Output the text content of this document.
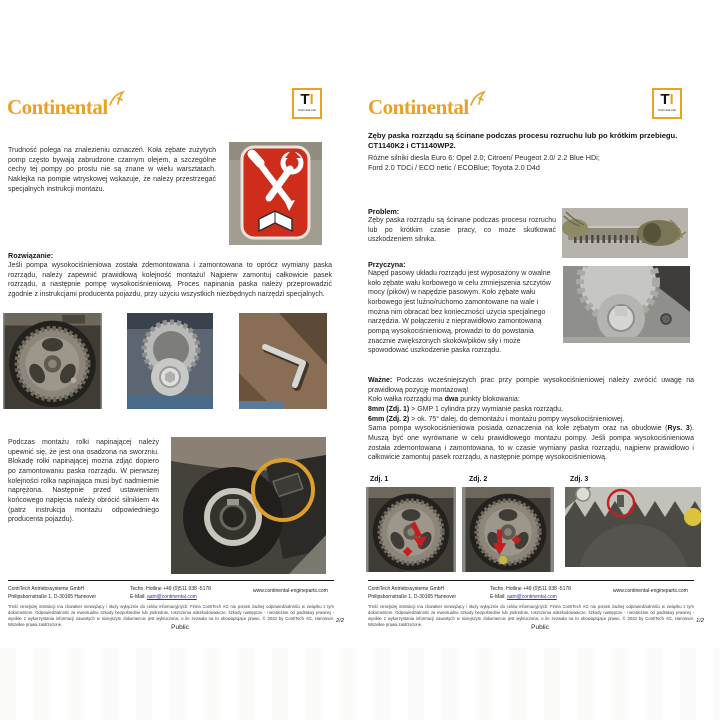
Continental	TI
Technical Info

Trudność polega na znalezieniu oznaczeń. Koła zębate zużytych pomp często bywają zabrudzone czarnym olejem, a szczególne cechy tej pompy po prostu nie są znane w wielu warsztatach. Naklejka na pompie wtryskowej wskazuje, że należy przestrzegać specjalnych instrukcji montażu.

Rozwiązanie:

Jeśli pompa wysokociśnieniowa została zdemontowana i zamontowana to oprócz wymiany paska rozrządu, należy zapewnić prawidłową kolejność montażu! Najpierw zamontuj całkowicie pasek rozrządu, a następnie pompę wysokociśnieniową. Proces napinania paska należy przeprowadzić zgodnie z instrukcjami producenta pojazdu, przy użyciu wszystkich niezbędnych narzędzi specjalnych.

Podczas montażu rolki napinającej należy upewnić się, że jest ona osadzona na sworzniu. Blokadę rolki napinającej można zdjąć dopiero po zamontowaniu paska rozrządu. W pierwszej kolejności rolka napinająca musi być nadmiernie naprężona. Następnie przed ustawieniem końcowego napięcia należy obrócić silnikiem 4x (patrz instrukcja montażu odpowiedniego producenta pojazdu).

ContiTech Antriebssysteme GmbH
Philipsbornstraße 1, D-30165 Hannover
Techn. Hotline +49 (0)511 938 -5178
E-Mail: aam@continental.com
www.continental-engineparts.com

Treść niniejszej instrukcji ma charakter niewiążący i służy wyłącznie do celów informacyjnych. Firma ContiTech AG nie ponosi żadnej odpowiedzialności w związku z tym dokumentem. Odpowiedzialność za ewentualne szkody bezpośrednie lub pośrednie, roszczenia odszkodowawcze, szkody następcze - niezależnie od podstawy prawnej - wynikłe z wykorzystania informacji zawartych w niniejszym dokumencie jest wykluczona, o ile zezwala na to obowiązujące prawo. © 2022 by ContiTech AG, Hannover. Wszelkie prawa zastrzeżone.	Public
2/2
Continental	TI
Technical Info

Zęby paska rozrządu są ścinane podczas procesu rozruchu lub po krótkim przebiegu. CT1140K2 i CT1140WP2.

Różne silniki diesla Euro 6: Opel 2.0; Citroen/ Peugeot 2.0/ 2.2 Blue HDi;
Ford 2.0 TDCi / ECO netic / ECOBlue; Toyota 2.0 D4d
Problem:

Zęby paska rozrządu są ścinane podczas procesu rozruchu lub po krótkim czasie pracy, co może skutkować uszkodzeniem silnika.

Przyczyna:

Napęd pasowy układu rozrządu jest wyposażony w owalne koło zębate wału korbowego w celu zmniejszenia szczytów mocy (pików) w napędzie pasowym. Koło zębate wału korbowego jest luźno/ruchomo zamontowane na wale i można nim obracać bez konieczności użycia specjalnego narzędzia. W połączeniu z nieprawidłowo zamontowaną pompą wysokociśnieniową, prowadzi to do powstania znacznie zwiększonych skoków/pików siły i może spowodować uszkodzenie paska rozrządu.

Ważne: Podczas wcześniejszych prac przy pompie wysokociśnieniowej należy zwrócić uwagę na prawidłową pozycję montażową!

Koło wałka rozrządu ma dwa punkty blokowania:

8mm (Zdj. 1) > GMP 1 cylindra przy wymianie paska rozrządu,

6mm (Zdj. 2) > ok. 75° dalej, do demontażu i montażu pompy wysokociśnieniowej.

Sama pompa wysokociśnieniowa posiada oznaczenia na kole zębatym oraz na obudowie (Rys. 3). Muszą być one wyrównane w celu prawidłowego montażu pompy. Jeśli pompa wysokociśnieniowa została zdemontowana i zamontowana, to w czasie wymiany paska rozrządu, najpierw prawidłowo i całkowicie zamontuj pasek rozrządu, a następnie pompę wysokociśnieniową.

Zdj. 1	Zdj. 2	Zdj. 3
ContiTech Antriebssysteme GmbH
Philipsbornstraße 1, D-30165 Hannover
Techn. Hotline +49 (0)511 938 -5178
E-Mail: aam@continental.com
www.continental-engineparts.com

Treść niniejszej instrukcji ma charakter niewiążący i służy wyłącznie do celów informacyjnych. Firma ContiTech AG nie ponosi żadnej odpowiedzialności w związku z tym dokumentem. Odpowiedzialność za ewentualne szkody bezpośrednie lub pośrednie, roszczenia odszkodowawcze, szkody następcze - niezależnie od podstawy prawnej - wynikłe z wykorzystania informacji zawartych w niniejszym dokumencie jest wykluczona, o ile zezwala na to obowiązujące prawo. © 2022 by ContiTech AG, Hannover. Wszelkie prawa zastrzeżone.	Public
1/2
